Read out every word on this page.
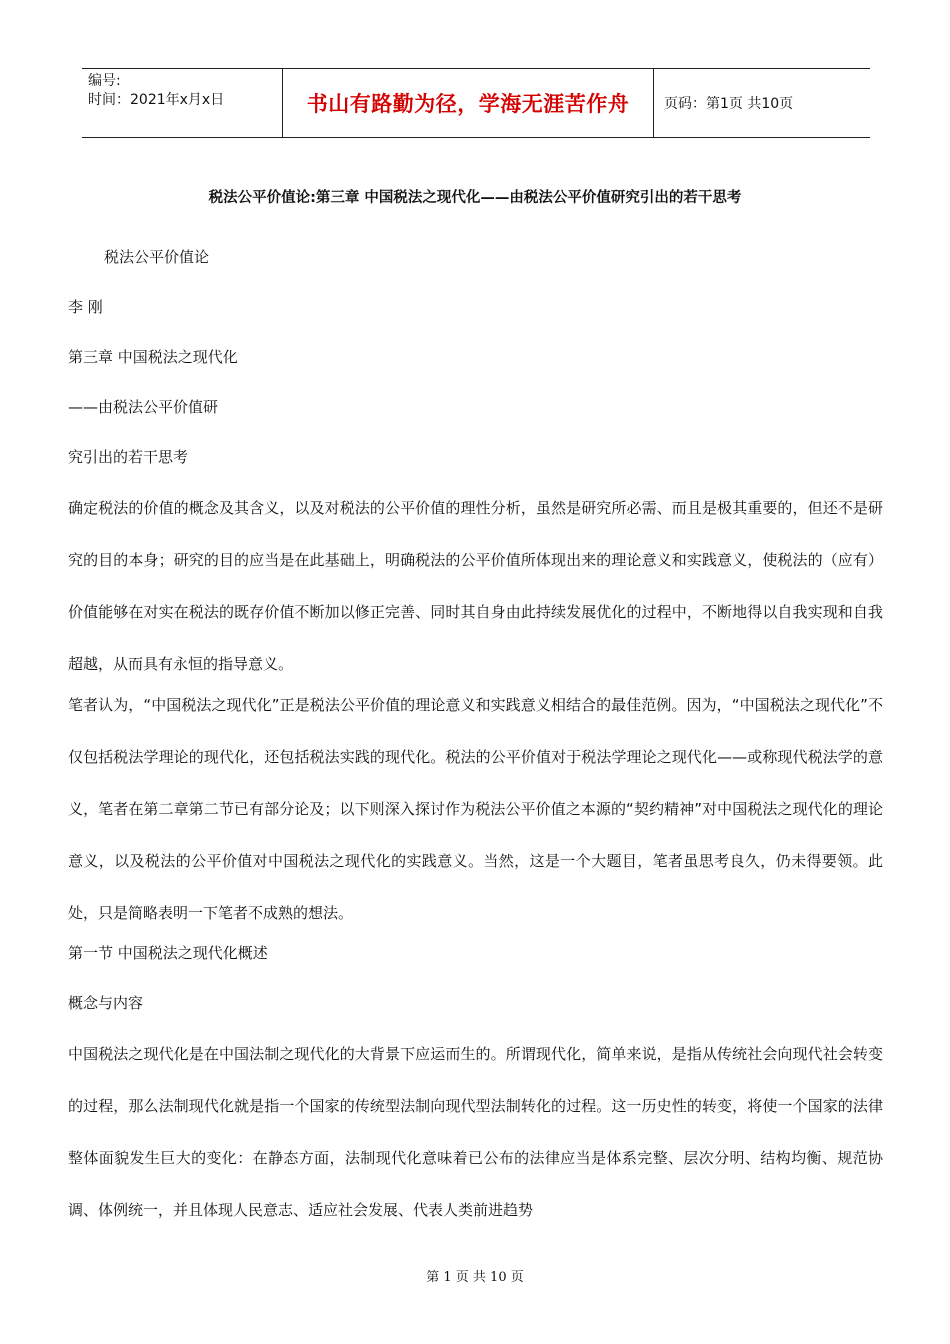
编号:
时间：2021年x月x日	书山有路勤为径，学海无涯苦作舟	页码：第1页 共10页
税法公平价值论:第三章 中国税法之现代化——由税法公平价值研究引出的若干思考
税法公平价值论
李 刚
第三章 中国税法之现代化
——由税法公平价值研
究引出的若干思考

确定税法的价值的概念及其含义，以及对税法的公平价值的理性分析，虽然是研究所必需、而且是极其重要的，但还不是研究的目的本身；研究的目的应当是在此基础上，明确税法的公平价值所体现出来的理论意义和实践意义，使税法的（应有）价值能够在对实在税法的既存价值不断加以修正完善、同时其自身由此持续发展优化的过程中，不断地得以自我实现和自我超越，从而具有永恒的指导意义。

笔者认为，“中国税法之现代化”正是税法公平价值的理论意义和实践意义相结合的最佳范例。因为，“中国税法之现代化”不仅包括税法学理论的现代化，还包括税法实践的现代化。税法的公平价值对于税法学理论之现代化——或称现代税法学的意义，笔者在第二章第二节已有部分论及；以下则深入探讨作为税法公平价值之本源的“契约精神”对中国税法之现代化的理论意义，以及税法的公平价值对中国税法之现代化的实践意义。当然，这是一个大题目，笔者虽思考良久，仍未得要领。此处，只是简略表明一下笔者不成熟的想法。

第一节 中国税法之现代化概述
概念与内容

中国税法之现代化是在中国法制之现代化的大背景下应运而生的。所谓现代化，简单来说，是指从传统社会向现代社会转变的过程，那么法制现代化就是指一个国家的传统型法制向现代型法制转化的过程。这一历史性的转变，将使一个国家的法律整体面貌发生巨大的变化：在静态方面，法制现代化意味着已公布的法律应当是体系完整、层次分明、结构均衡、规范协调、体例统一，并且体现人民意志、适应社会发展、代表人类前进趋势

第 1 页 共 10 页
